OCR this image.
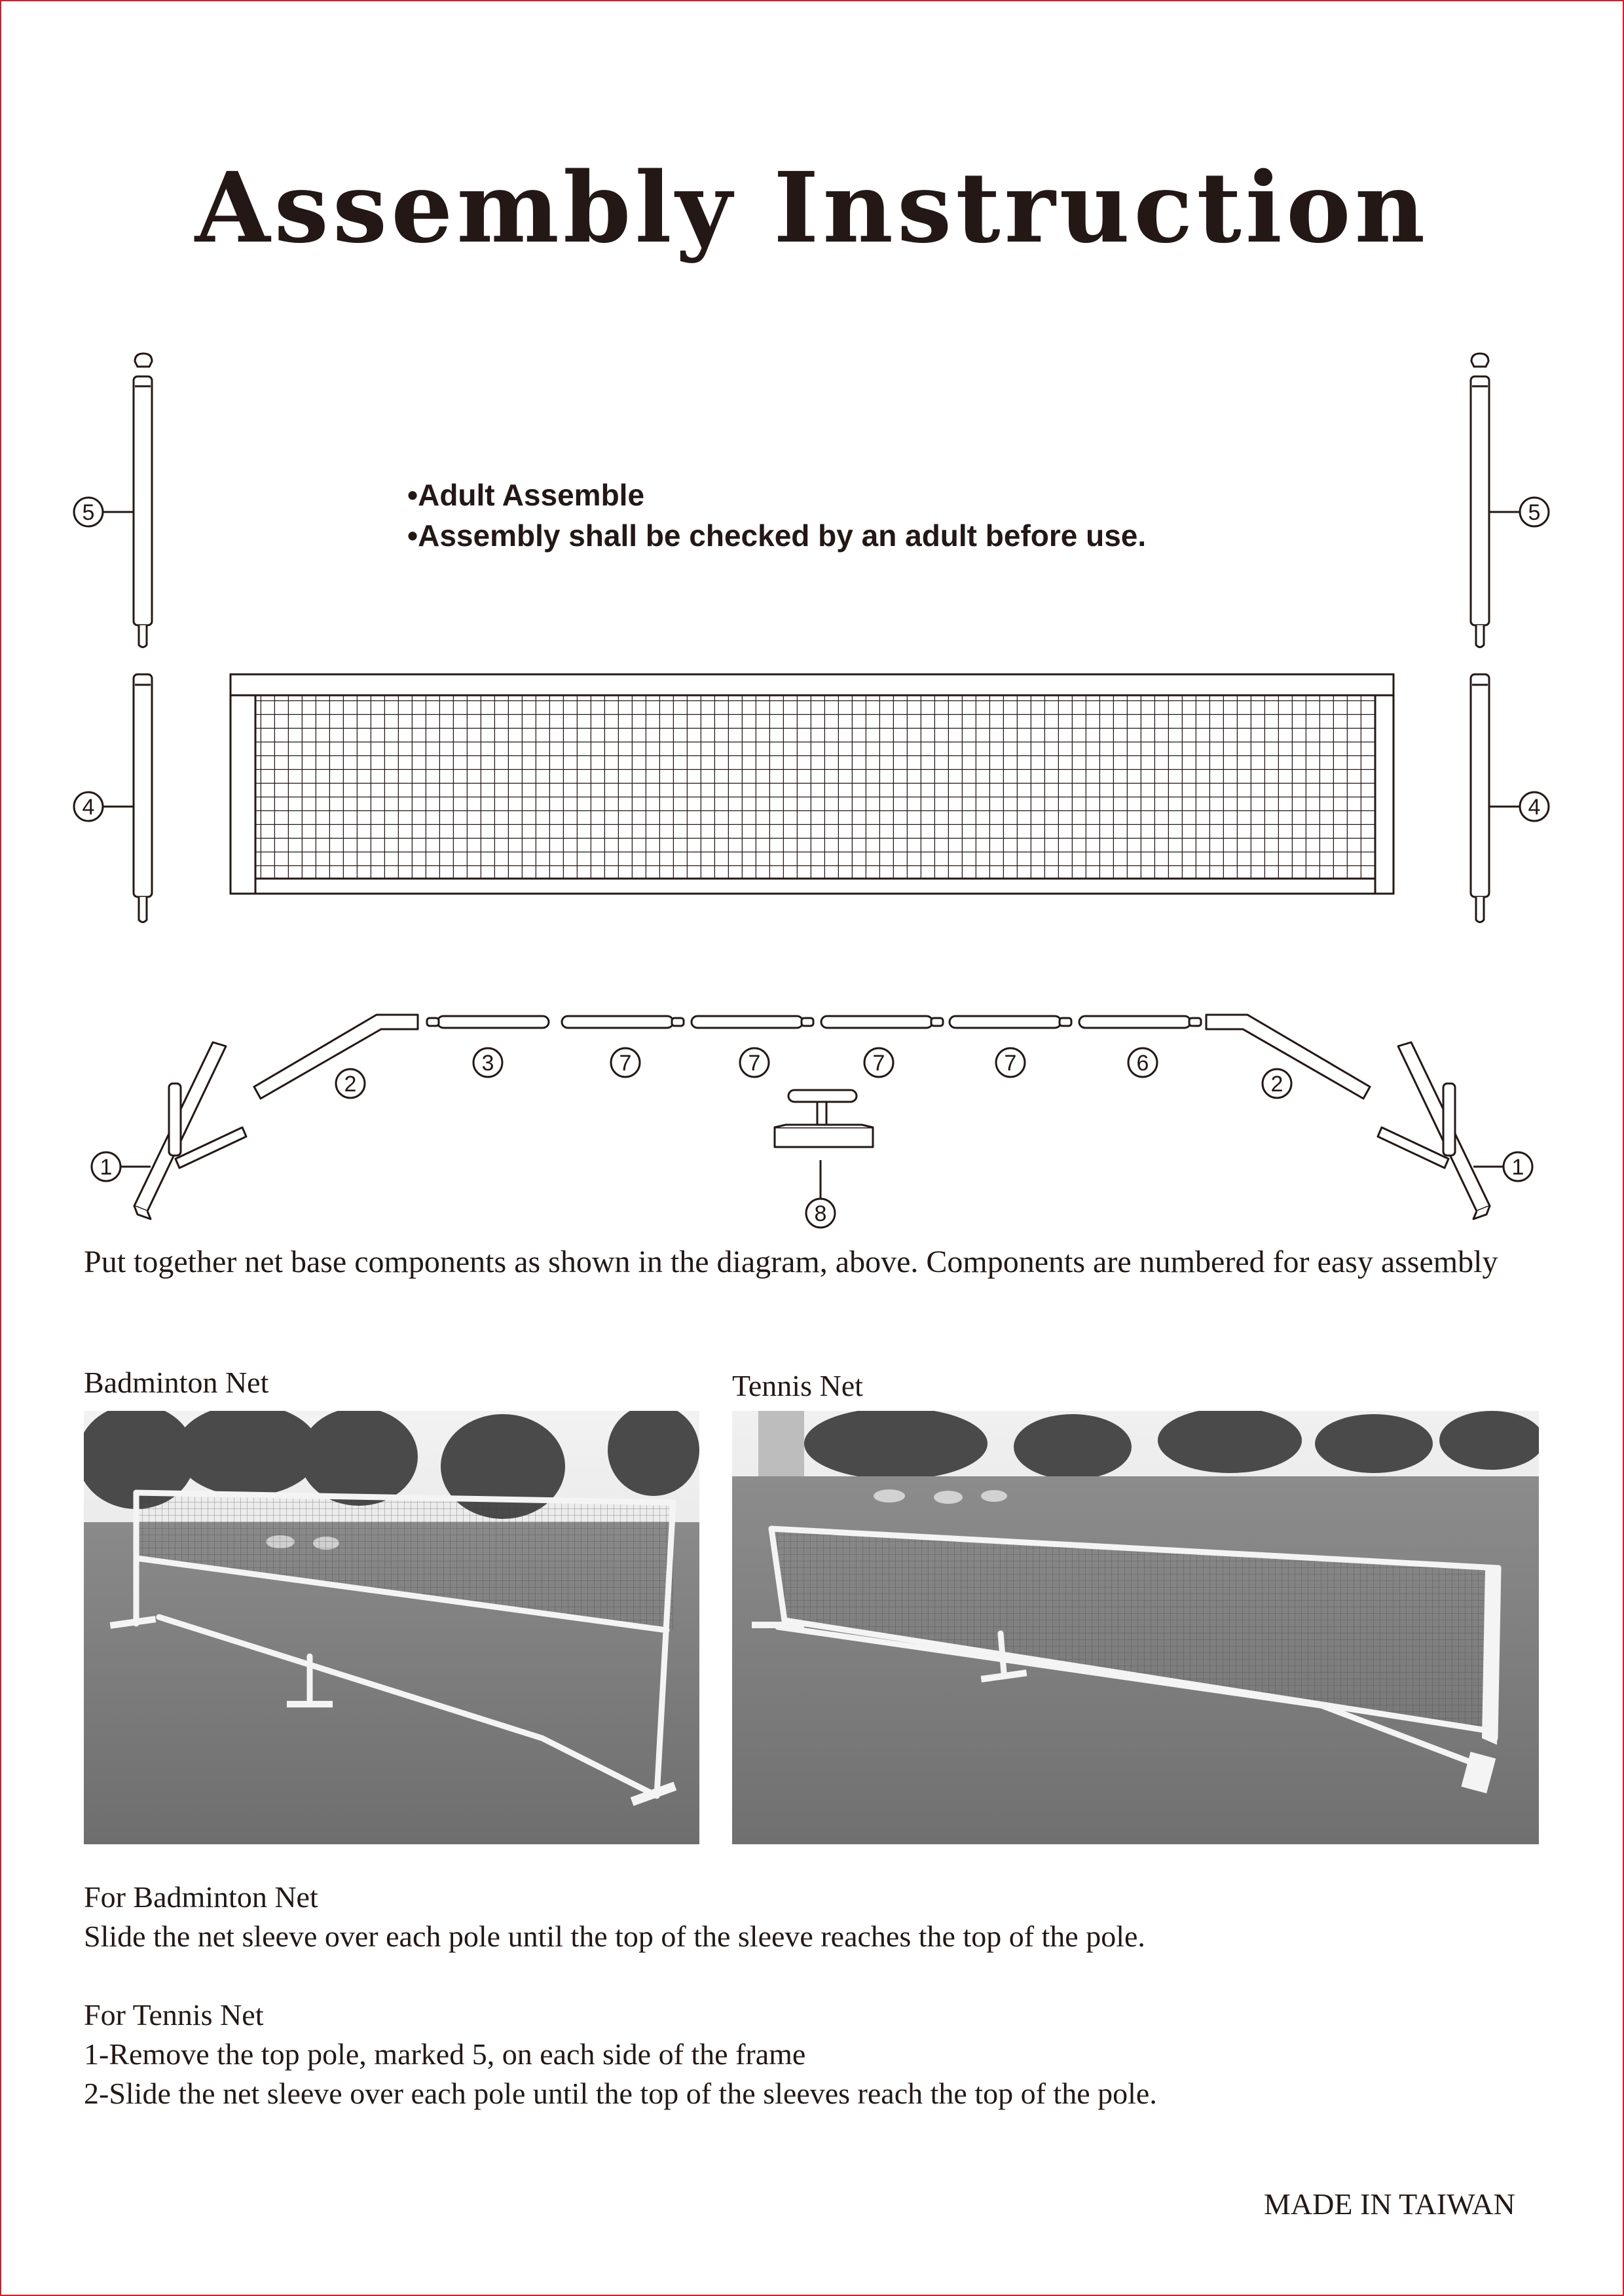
Assembly Instruction
• Adult Assemble
• Assembly shall be checked by an adult before use.
5
4
5
4
1	1
2	2
3	7	7	7	7	6
8
Put together net base components as shown in the diagram, above. Components are numbered for easy assembly
Badminton Net	Tennis Net
For Badminton Net
Slide the net sleeve over each pole until the top of the sleeve reaches the top of the pole.
For Tennis Net
1-Remove the top pole, marked 5, on each side of the frame
2-Slide the net sleeve over each pole until the top of the sleeves reach the top of the pole.
MADE IN TAIWAN
